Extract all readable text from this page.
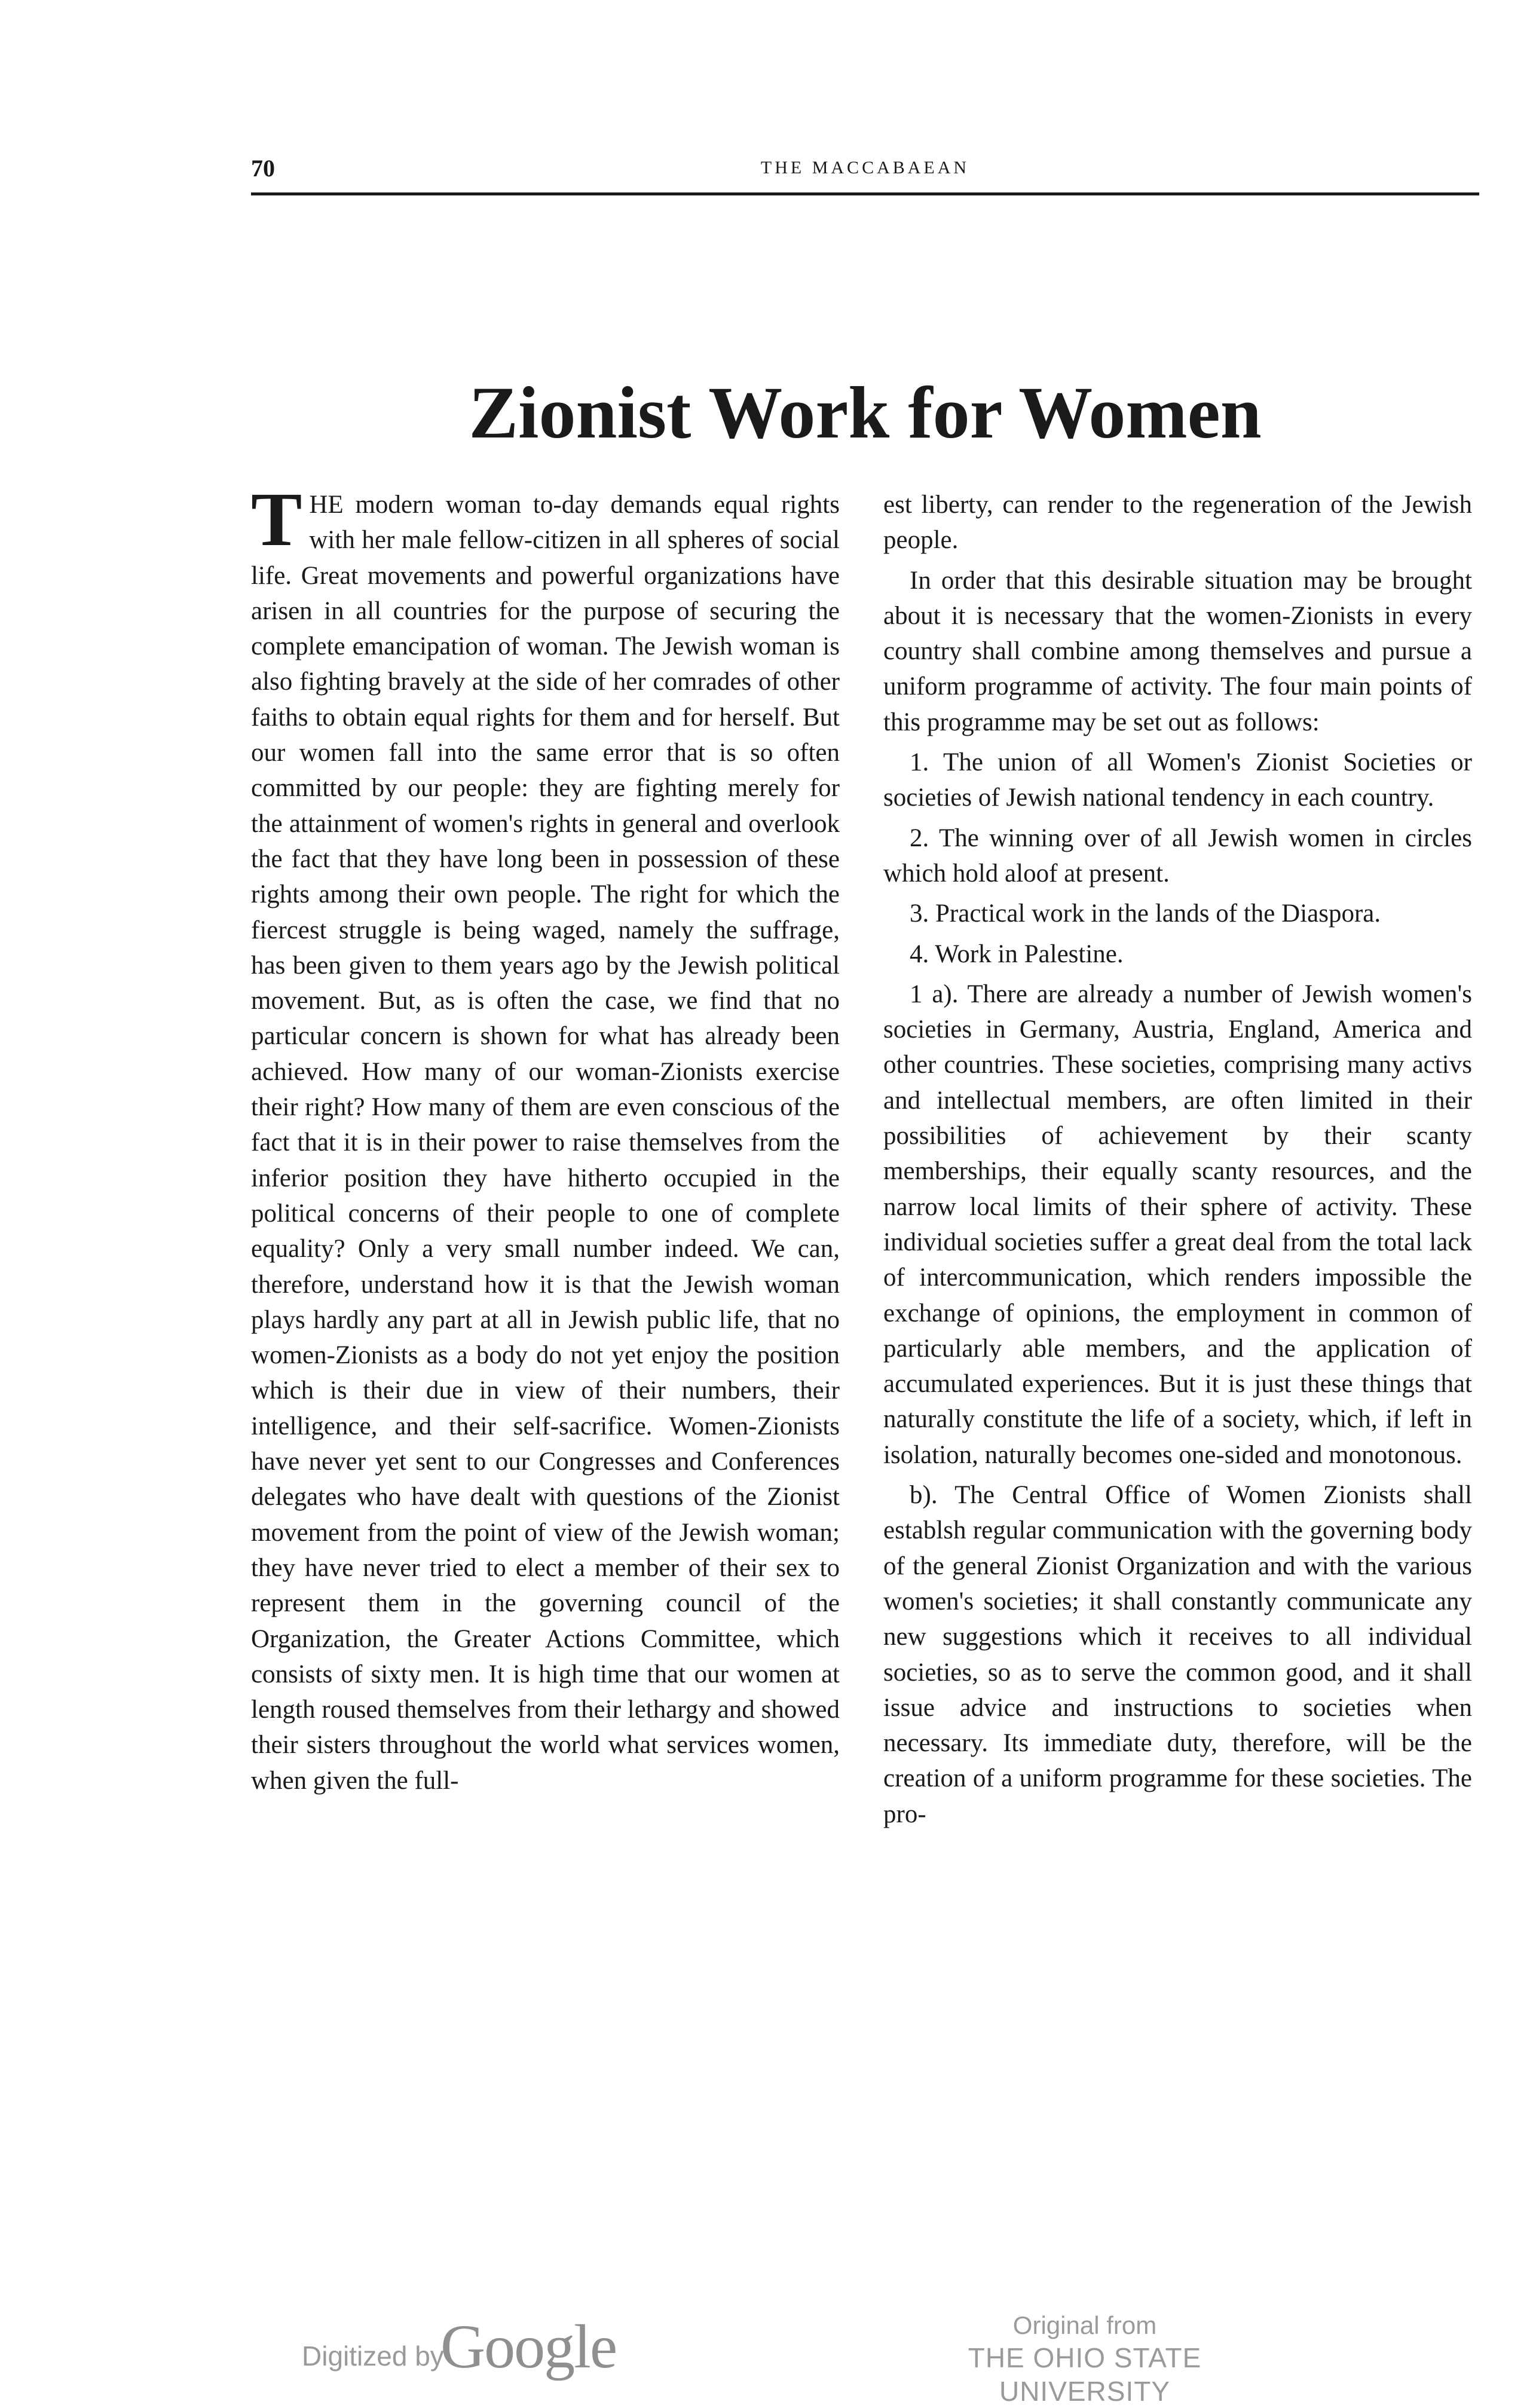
70	THE MACCABAEAN
Zionist Work for Women

THE modern woman to-day demands equal rights with her male fellow-citizen in all spheres of social life. Great movements and powerful organizations have arisen in all countries for the purpose of securing the complete emancipation of woman. The Jewish woman is also fighting bravely at the side of her comrades of other faiths to obtain equal rights for them and for herself. But our women fall into the same error that is so often committed by our people: they are fighting merely for the attainment of women's rights in general and overlook the fact that they have long been in possession of these rights among their own people. The right for which the fiercest struggle is being waged, namely the suffrage, has been given to them years ago by the Jewish political movement. But, as is often the case, we find that no particular concern is shown for what has already been achieved. How many of our woman-Zionists exercise their right? How many of them are even conscious of the fact that it is in their power to raise themselves from the inferior position they have hitherto occupied in the political concerns of their people to one of complete equality? Only a very small number indeed. We can, therefore, understand how it is that the Jewish woman plays hardly any part at all in Jewish public life, that no women-Zionists as a body do not yet enjoy the position which is their due in view of their numbers, their intelligence, and their self-sacrifice. Women-Zionists have never yet sent to our Congresses and Conferences delegates who have dealt with questions of the Zionist movement from the point of view of the Jewish woman; they have never tried to elect a member of their sex to represent them in the governing council of the Organization, the Greater Actions Committee, which consists of sixty men. It is high time that our women at length roused themselves from their lethargy and showed their sisters throughout the world what services women, when given the full-

est liberty, can render to the regeneration of the Jewish people.

In order that this desirable situation may be brought about it is necessary that the women-Zionists in every country shall combine among themselves and pursue a uniform programme of activity. The four main points of this programme may be set out as follows:

1. The union of all Women's Zionist Societies or societies of Jewish national tendency in each country.

2. The winning over of all Jewish women in circles which hold aloof at present.

3. Practical work in the lands of the Diaspora.

4. Work in Palestine.

1 a). There are already a number of Jewish women's societies in Germany, Austria, England, America and other countries. These societies, comprising many activs and intellectual members, are often limited in their possibilities of achievement by their scanty memberships, their equally scanty resources, and the narrow local limits of their sphere of activity. These individual societies suffer a great deal from the total lack of intercommunication, which renders impossible the exchange of opinions, the employment in common of particularly able members, and the application of accumulated experiences. But it is just these things that naturally constitute the life of a society, which, if left in isolation, naturally becomes one-sided and monotonous.

b). The Central Office of Women Zionists shall establsh regular communication with the governing body of the general Zionist Organization and with the various women's societies; it shall constantly communicate any new suggestions which it receives to all individual societies, so as to serve the common good, and it shall issue advice and instructions to societies when necessary. Its immediate duty, therefore, will be the creation of a uniform programme for these societies. The pro-

Digitized by
Google	Original from
THE OHIO STATE UNIVERSITY
